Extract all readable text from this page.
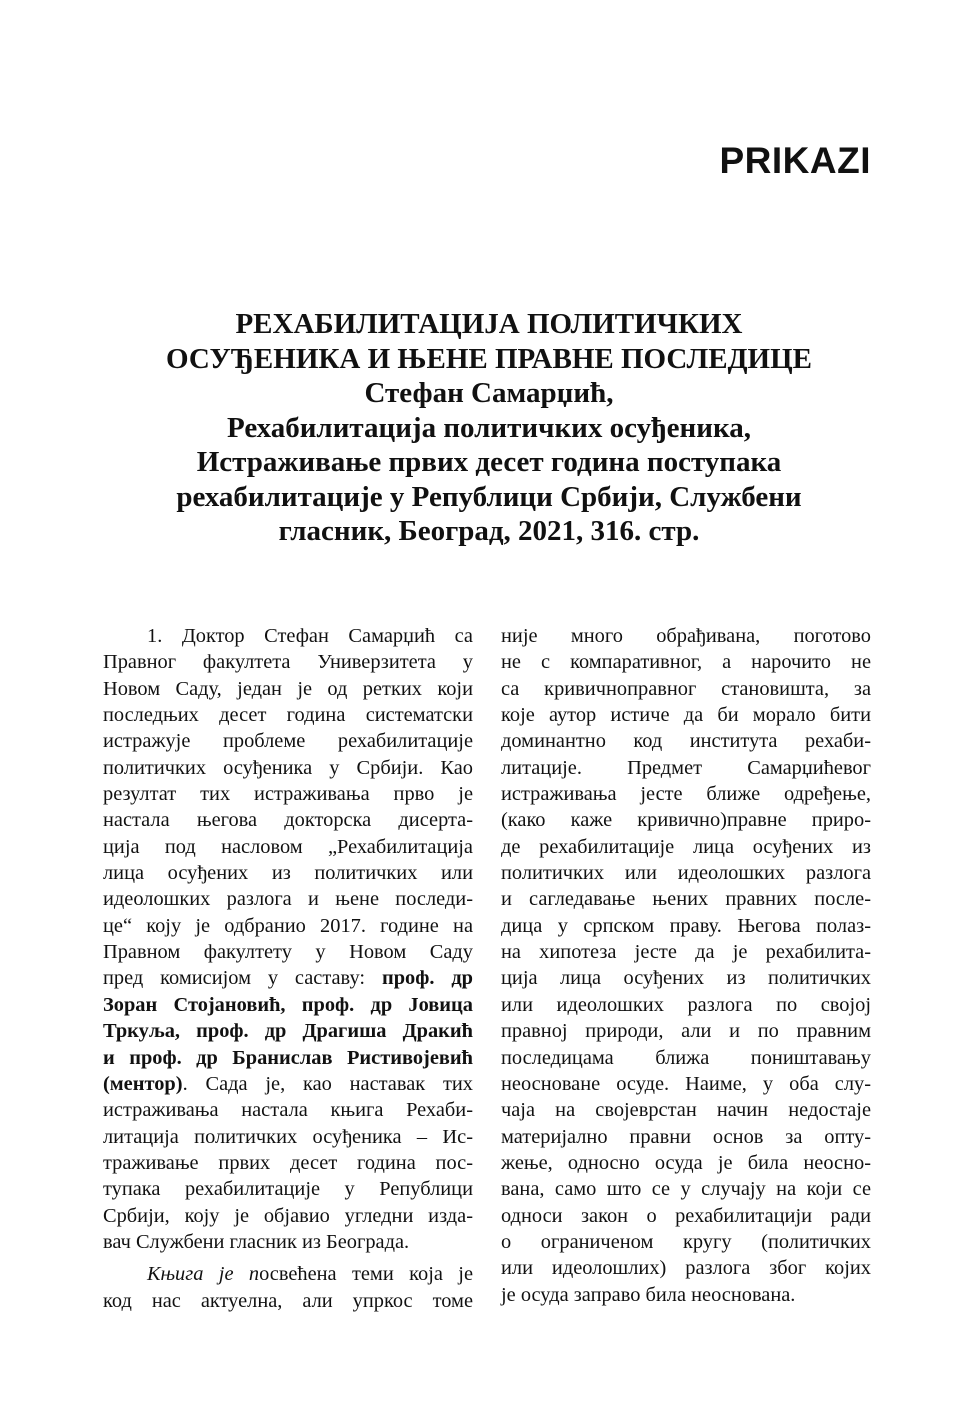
PRIKAZI
РЕХАБИЛИТАЦИЈА ПОЛИТИЧКИХ
ОСУЂЕНИКА И ЊЕНЕ ПРАВНЕ ПОСЛЕДИЦЕ
Стефан Самарџић,
Рехабилитација политичких осуђеника,
Истраживање првих десет година поступака
рехабилитације у Републици Србији, Службени
гласник, Београд, 2021, 316. стр.
1. Доктор Стефан Самарџић са
Правног факултета Универзитета у
Новом Саду, један је од ретких који
последњих десет година систематски
истражује проблеме рехабилитације
политичких осуђеника у Србији. Као
резултат тих истраживања прво је
настала његова докторска дисерта-
ција под насловом „Рехабилитација
лица осуђених из политичких или
идеолошких разлога и њене последи-
це“ коју је одбранио 2017. године на
Правном факултету у Новом Саду
пред комисијом у саставу: проф. др
Зоран Стојановић, проф. др Јовица
Тркуља, проф. др Драгиша Дракић
и проф. др Бранислав Ристивојевић
(ментор). Сада је, као наставак тих
истраживања настала књига Рехаби-
литација политичких осуђеника – Ис-
траживање првих десет година пос-
тупака рехабилитације у Републици
Србији, коју је објавио угледни изда-
вач Службени гласник из Београда.
Књига је посвећена теми која је
код нас актуелна, али упркос томе
није много обрађивана, поготово
не с компаративног, а нарочито не
са кривичноправног становишта, за
које аутор истиче да би морало бити
доминантно код института рехаби-
литације. Предмет Самарџићевог
истраживања јесте ближе одређење,
(како каже кривично)правне приро-
де рехабилитације лица осуђених из
политичких или идеолошких разлога
и сагледавање њених правних после-
дица у српском праву. Његова полаз-
на хипотеза јесте да је рехабилита-
ција лица осуђених из политичких
или идеолошких разлога по својој
правној природи, али и по правним
последицама ближа поништавању
неосноване осуде. Наиме, у оба слу-
чаја на својеврстан начин недостаје
материјално правни основ за опту-
жење, односно осуда је била неосно-
вана, само што се у случају на који се
односи закон о рехабилитацији ради
о ограниченом кругу (политичких
или идеолошлих) разлога због којих
је осуда заправо била неоснована.
